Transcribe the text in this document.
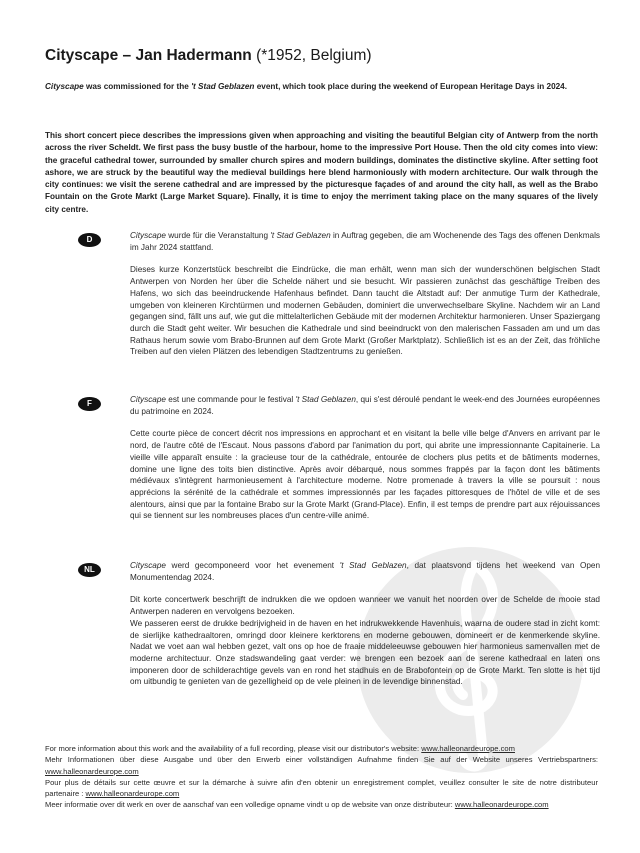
Cityscape – Jan Hadermann (*1952, Belgium)
Cityscape was commissioned for the 't Stad Geblazen event, which took place during the weekend of European Heritage Days in 2024.
This short concert piece describes the impressions given when approaching and visiting the beautiful Belgian city of Antwerp from the north across the river Scheldt. We first pass the busy bustle of the harbour, home to the impressive Port House. Then the old city comes into view: the graceful cathedral tower, surrounded by smaller church spires and modern buildings, dominates the distinctive skyline. After setting foot ashore, we are struck by the beautiful way the medieval buildings here blend harmoniously with modern architecture. Our walk through the city continues: we visit the serene cathedral and are impressed by the picturesque façades of and around the city hall, as well as the Brabo Fountain on the Grote Markt (Large Market Square). Finally, it is time to enjoy the merriment taking place on the many squares of the lively city centre.
D	Cityscape wurde für die Veranstaltung 't Stad Geblazen in Auftrag gegeben, die am Wochenende des Tags des offenen Denkmals im Jahr 2024 stattfand.

Dieses kurze Konzertstück beschreibt die Eindrücke, die man erhält, wenn man sich der wunderschönen belgischen Stadt Antwerpen von Norden her über die Schelde nähert und sie besucht. Wir passieren zunächst das geschäftige Treiben des Hafens, wo sich das beeindruckende Hafenhaus befindet. Dann taucht die Altstadt auf: Der anmutige Turm der Kathedrale, umgeben von kleineren Kirchtürmen und modernen Gebäuden, dominiert die unverwechselbare Skyline. Nachdem wir an Land gegangen sind, fällt uns auf, wie gut die mittelalterlichen Gebäude mit der modernen Architektur harmonieren. Unser Spaziergang durch die Stadt geht weiter. Wir besuchen die Kathedrale und sind beeindruckt von den malerischen Fassaden am und um das Rathaus herum sowie vom Brabo-Brunnen auf dem Grote Markt (Großer Marktplatz). Schließlich ist es an der Zeit, das fröhliche Treiben auf den vielen Plätzen des lebendigen Stadtzentrums zu genießen.

F	Cityscape est une commande pour le festival 't Stad Geblazen, qui s'est déroulé pendant le week-end des Journées européennes du patrimoine en 2024.

Cette courte pièce de concert décrit nos impressions en approchant et en visitant la belle ville belge d'Anvers en arrivant par le nord, de l'autre côté de l'Escaut. Nous passons d'abord par l'animation du port, qui abrite une impressionnante Capitainerie. La vieille ville apparaît ensuite : la gracieuse tour de la cathédrale, entourée de clochers plus petits et de bâtiments modernes, domine une ligne des toits bien distinctive. Après avoir débarqué, nous sommes frappés par la façon dont les bâtiments médiévaux s'intègrent harmonieusement à l'architecture moderne. Notre promenade à travers la ville se poursuit : nous apprécions la sérénité de la cathédrale et sommes impressionnés par les façades pittoresques de l'hôtel de ville et de ses alentours, ainsi que par la fontaine Brabo sur la Grote Markt (Grand-Place). Enfin, il est temps de prendre part aux réjouissances qui se tiennent sur les nombreuses places d'un centre-ville animé.

NL	Cityscape werd gecomponeerd voor het evenement 't Stad Geblazen, dat plaatsvond tijdens het weekend van Open Monumentendag 2024.

Dit korte concertwerk beschrijft de indrukken die we opdoen wanneer we vanuit het noorden over de Schelde de mooie stad Antwerpen naderen en vervolgens bezoeken.

We passeren eerst de drukke bedrijvigheid in de haven en het indrukwekkende Havenhuis, waarna de oudere stad in zicht komt: de sierlijke kathedraaltoren, omringd door kleinere kerktorens en moderne gebouwen, domineert er de kenmerkende skyline. Nadat we voet aan wal hebben gezet, valt ons op hoe de fraaie middeleeuwse gebouwen hier harmonieus samenvallen met de moderne architectuur. Onze stadswandeling gaat verder: we brengen een bezoek aan de serene kathedraal en laten ons imponeren door de schilderachtige gevels van en rond het stadhuis en de Brabofontein op de Grote Markt. Ten slotte is het tijd om uitbundig te genieten van de gezelligheid op de vele pleinen in de levendige binnenstad.

For more information about this work and the availability of a full recording, please visit our distributor's website: www.halleonardeurope.com
Mehr Informationen über diese Ausgabe und über den Erwerb einer vollständigen Aufnahme finden Sie auf der Website unseres Vertriebspartners: www.halleonardeurope.com
Pour plus de détails sur cette œuvre et sur la démarche à suivre afin d'en obtenir un enregistrement complet, veuillez consulter le site de notre distributeur partenaire : www.halleonardeurope.com
Meer informatie over dit werk en over de aanschaf van een volledige opname vindt u op de website van onze distributeur: www.halleonardeurope.com
